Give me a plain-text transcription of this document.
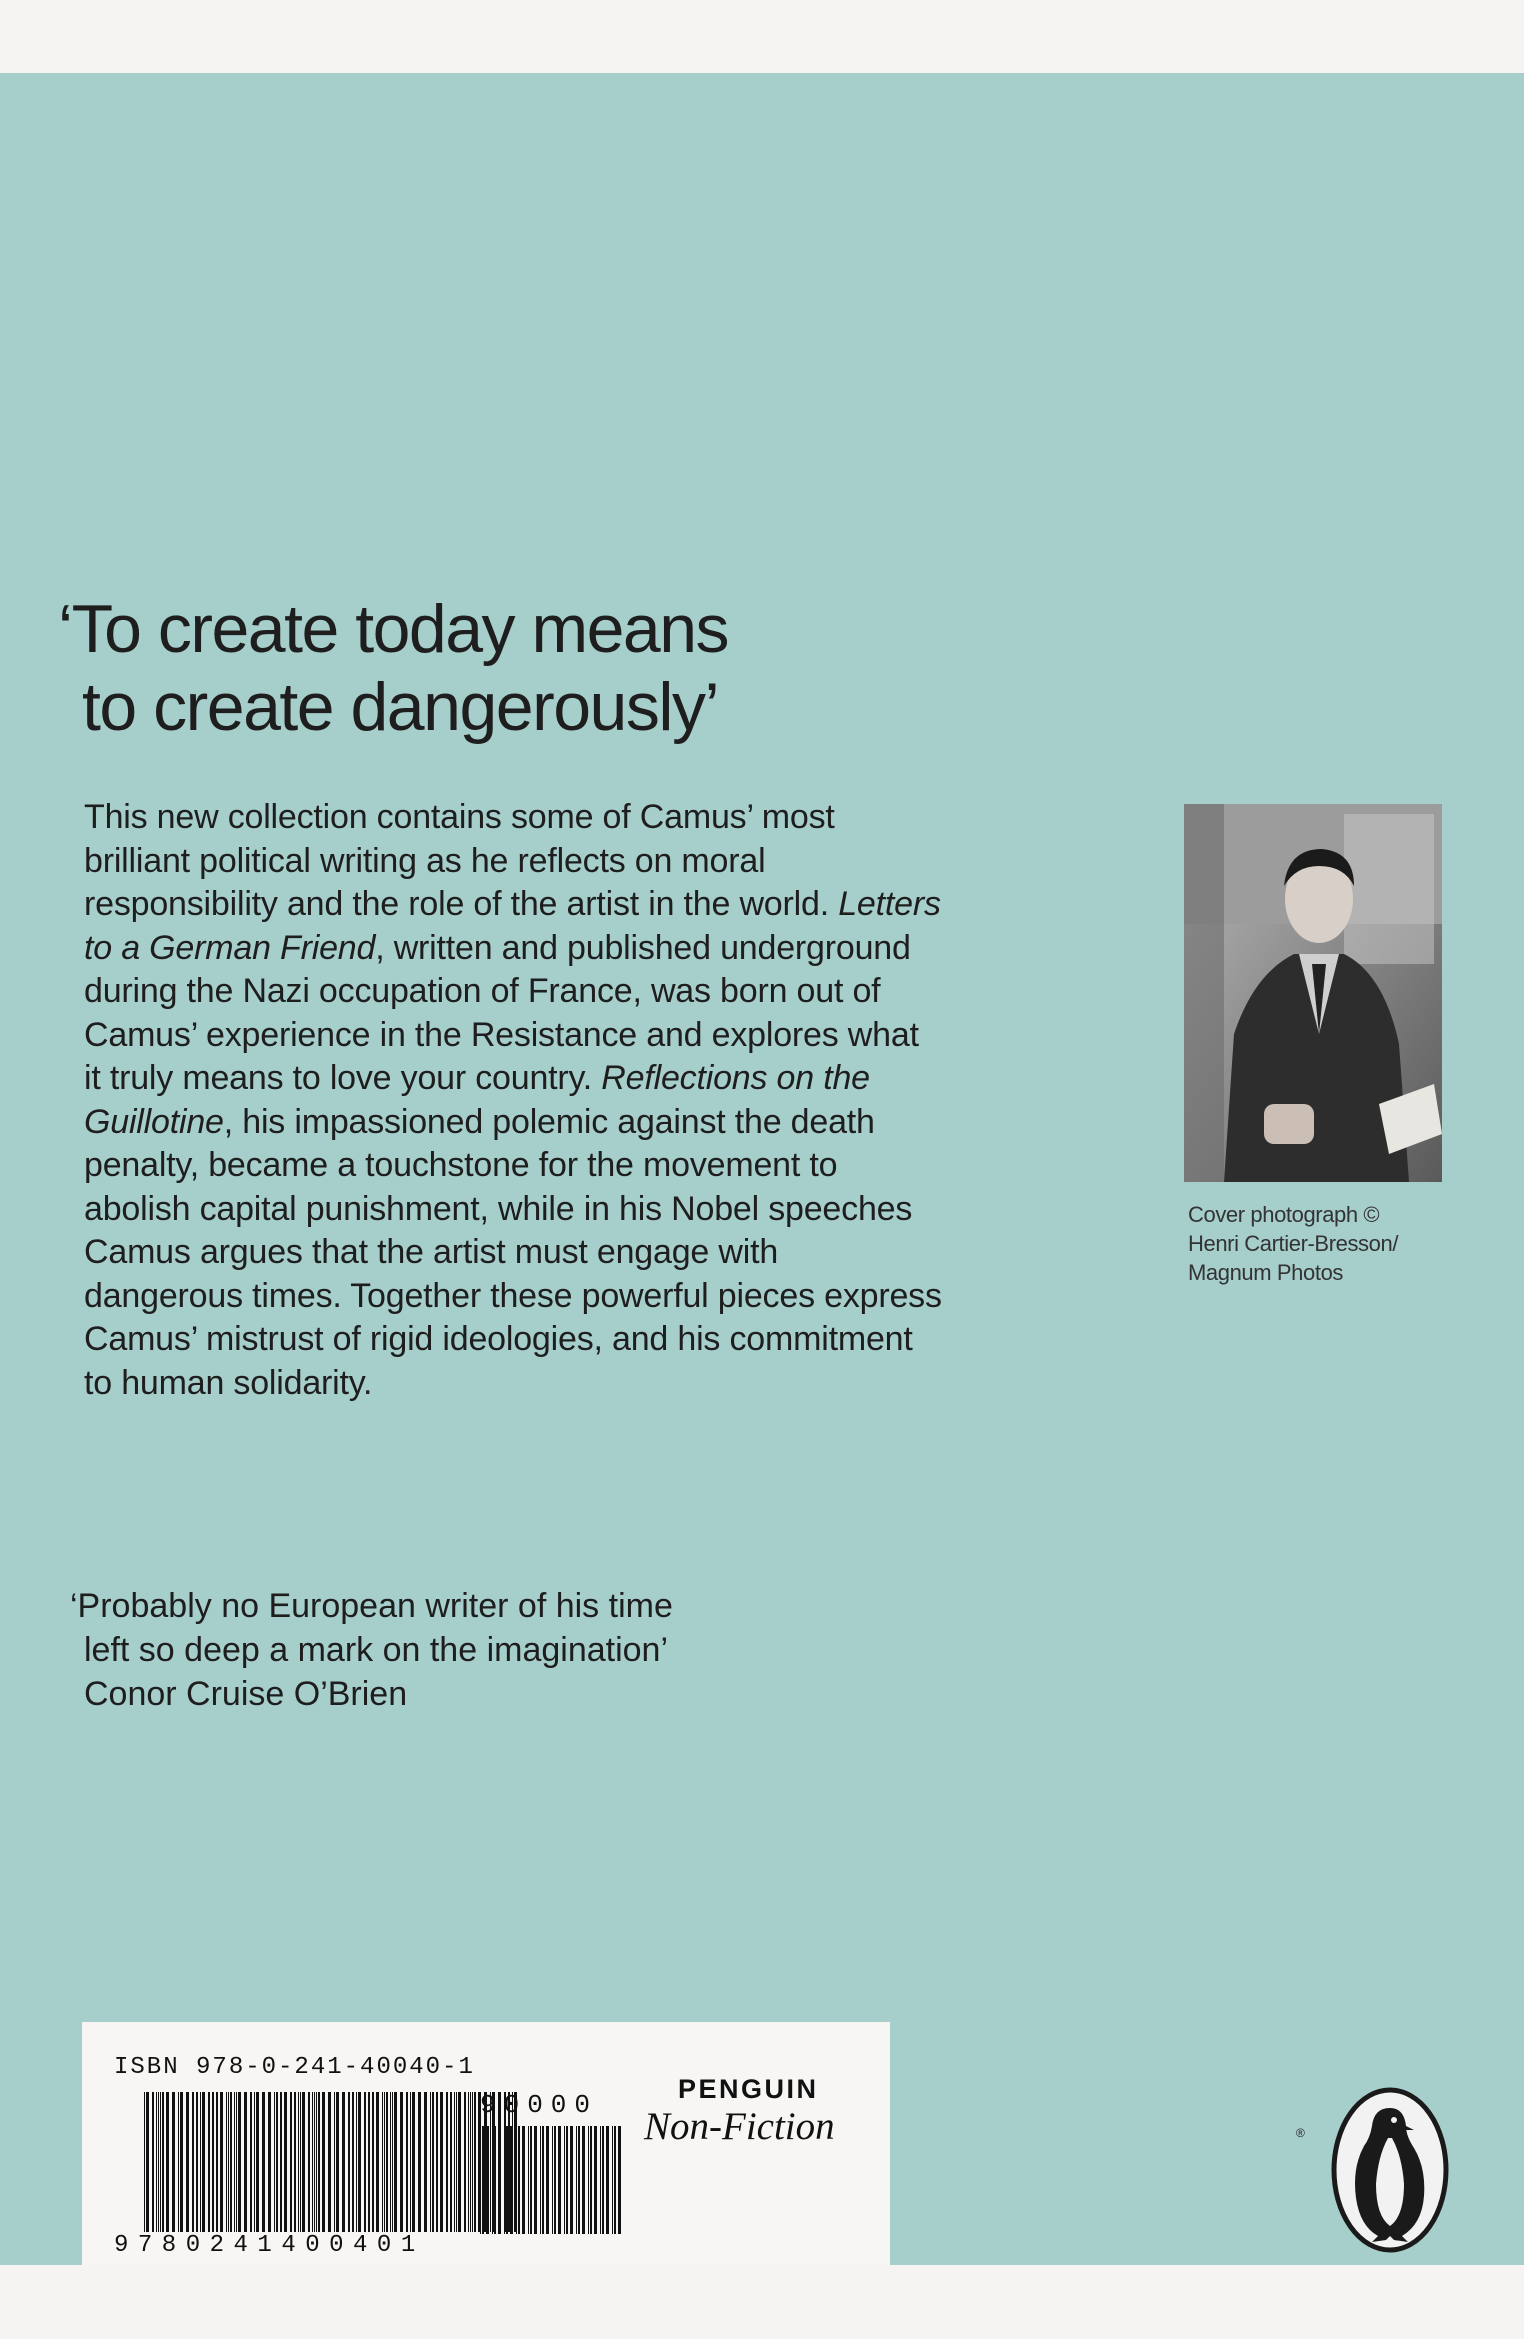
‘To create today means
to create dangerously’

This new collection contains some of Camus’ most brilliant political writing as he reflects on moral responsibility and the role of the artist in the world. Letters to a German Friend, written and published underground during the Nazi occupation of France, was born out of Camus’ experience in the Resistance and explores what it truly means to love your country. Reflections on the Guillotine, his impassioned polemic against the death penalty, became a touchstone for the movement to abolish capital punishment, while in his Nobel speeches Camus argues that the artist must engage with dangerous times. Together these powerful pieces express Camus’ mistrust of rigid ideologies, and his commitment to human solidarity.

‘Probably no European writer of his time
left so deep a mark on the imagination’
Conor Cruise O’Brien

Cover photograph ©
Henri Cartier-Bresson/
Magnum Photos
ISBN 978-0-241-40040-1
9780241400401
90000
PENGUIN
Non-Fiction	®
